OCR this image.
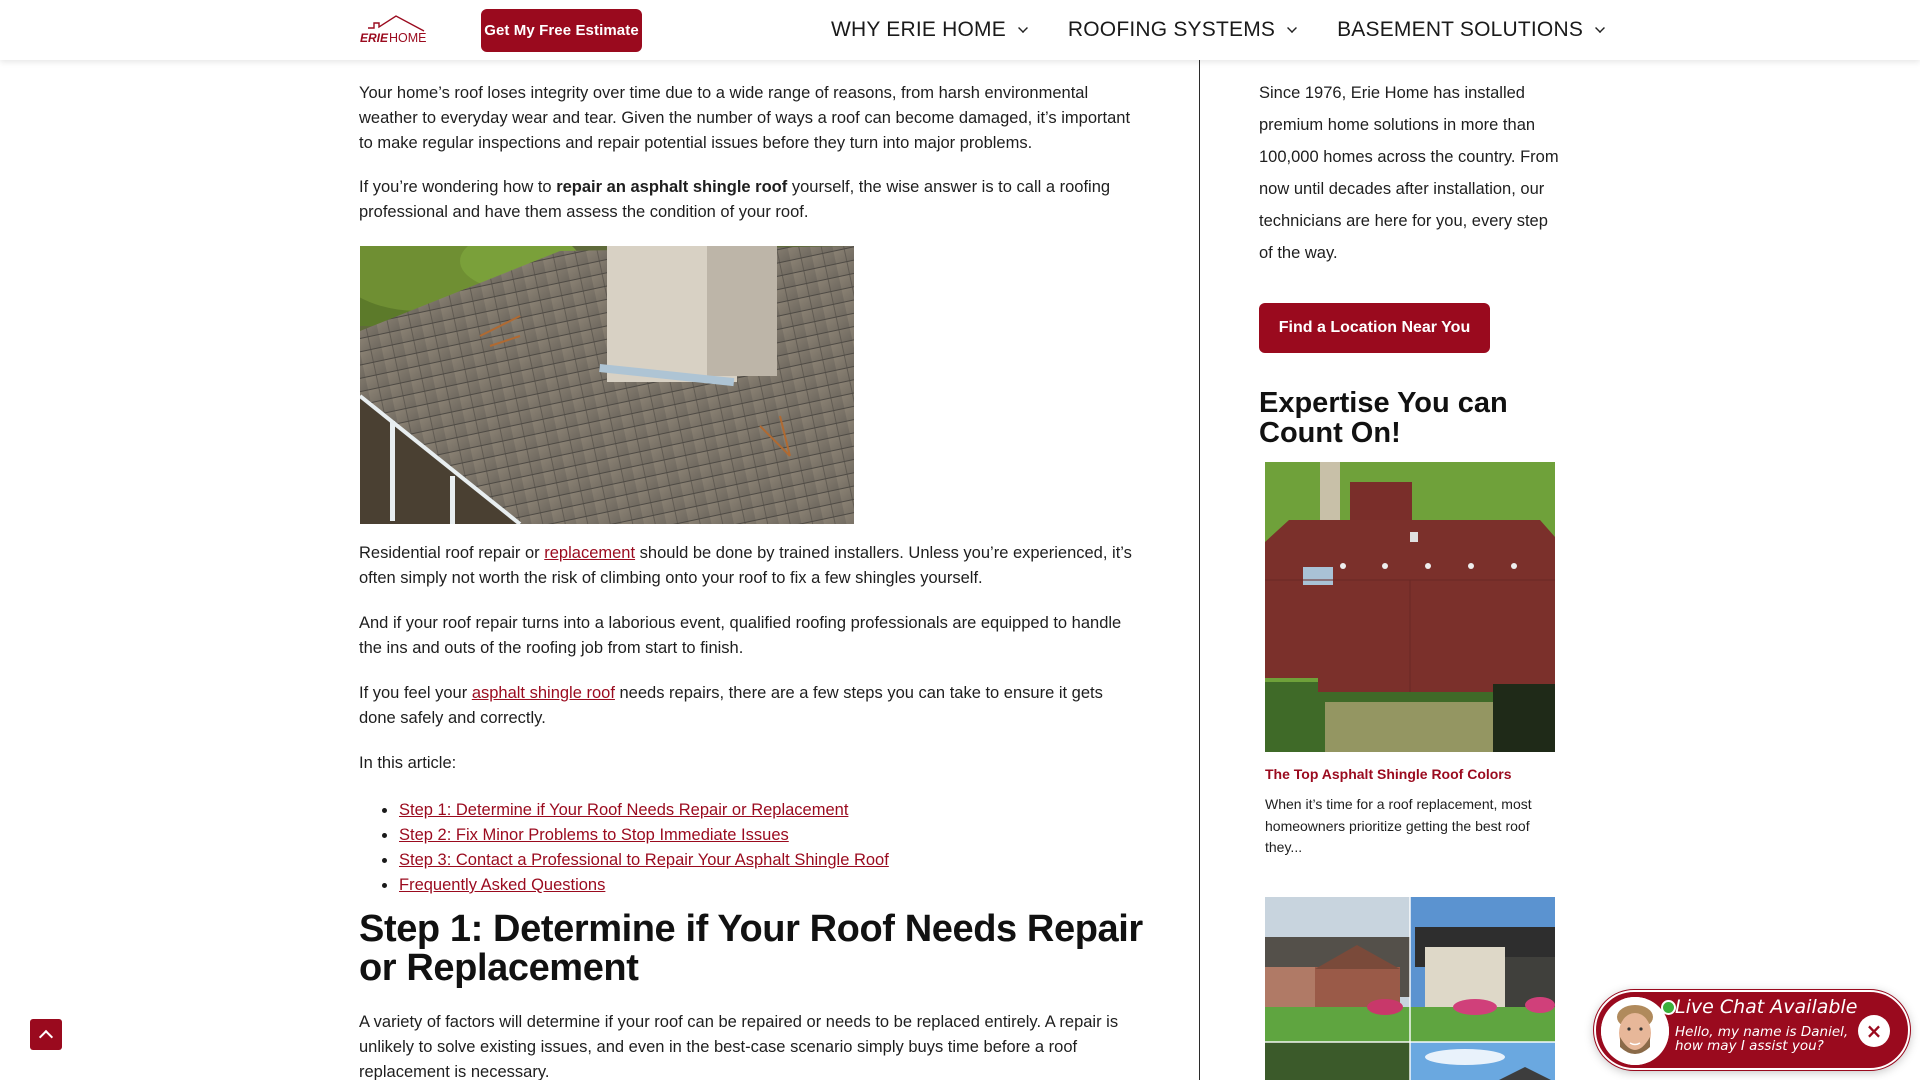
ERIE HOME	Get My Free Estimate	WHY ERIE HOME	ROOFING SYSTEMS	BASEMENT SOLUTIONS

Your home’s roof loses integrity over time due to a wide range of reasons, from harsh environmental weather to everyday wear and tear. Given the number of ways a roof can become damaged, it’s important to make regular inspections and repair potential issues before they turn into major problems.

If you’re wondering how to repair an asphalt shingle roof yourself, the wise answer is to call a roofing professional and have them assess the condition of your roof.

Residential roof repair or replacement should be done by trained installers. Unless you’re experienced, it’s often simply not worth the risk of climbing onto your roof to fix a few shingles yourself.

And if your roof repair turns into a laborious event, qualified roofing professionals are equipped to handle the ins and outs of the roofing job from start to finish.

If you feel your asphalt shingle roof needs repairs, there are a few steps you can take to ensure it gets done safely and correctly.

In this article:

Step 1: Determine if Your Roof Needs Repair or Replacement
Step 2: Fix Minor Problems to Stop Immediate Issues
Step 3: Contact a Professional to Repair Your Asphalt Shingle Roof
Frequently Asked Questions
Step 1: Determine if Your Roof Needs Repair or Replacement

A variety of factors will determine if your roof can be repaired or needs to be replaced entirely. A repair is unlikely to solve existing issues, and even in the best-case scenario simply buys time before a roof replacement is necessary.

Since 1976, Erie Home has installed premium home solutions in more than 100,000 homes across the country. From now until decades after installation, our technicians are here for you, every step of the way.

Find a Location Near You
Expertise You can Count On!
The Top Asphalt Shingle Roof Colors

When it’s time for a roof replacement, most homeowners prioritize getting the best roof they...

Live Chat Available
Hello, my name is Daniel, how may I assist you?
×
